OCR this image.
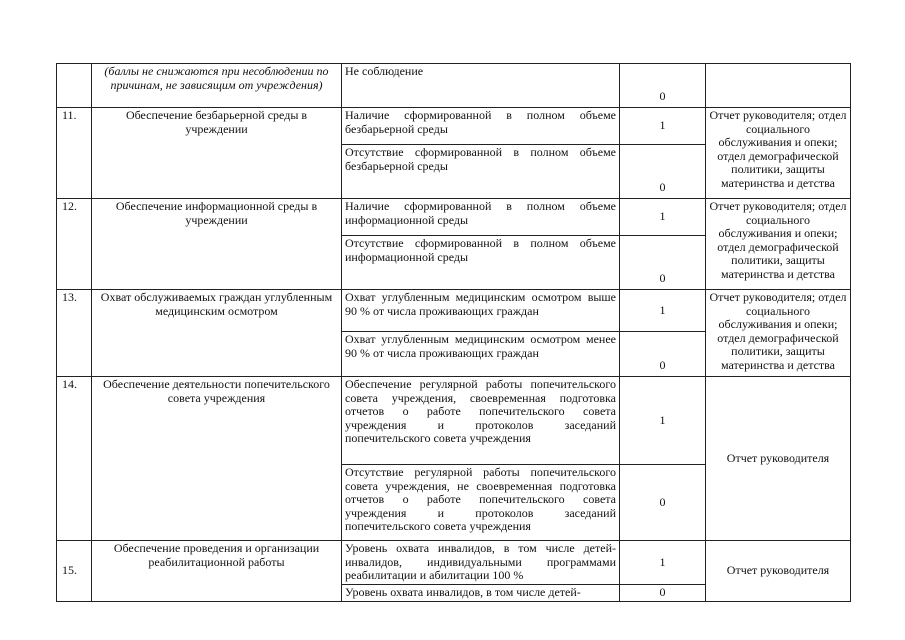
	(баллы не снижаются при несоблюдении по причинам, не зависящим от учреждения)	Не соблюдение	0	
11.	Обеспечение безбарьерной среды в учреждении	Наличие сформированной в полном объеме безбарьерной среды	1	Отчет руководителя; отдел социального обслуживания и опеки; отдел демографической политики, защиты материнства и детства
		Отсутствие сформированной в полном объеме безбарьерной среды	0	
12.	Обеспечение информационной среды в учреждении	Наличие сформированной в полном объеме информационной среды	1	Отчет руководителя; отдел социального обслуживания и опеки; отдел демографической политики, защиты материнства и детства
		Отсутствие сформированной в полном объеме информационной среды	0	
13.	Охват обслуживаемых граждан углубленным медицинским осмотром	Охват углубленным медицинским осмотром выше 90 % от числа проживающих граждан	1	Отчет руководителя; отдел социального обслуживания и опеки; отдел демографической политики, защиты материнства и детства
		Охват углубленным медицинским осмотром менее 90 % от числа проживающих граждан	0	
14.	Обеспечение деятельности попечительского совета учреждения	Обеспечение регулярной работы попечительского совета учреждения, своевременная подготовка отчетов о работе попечительского совета учреждения и протоколов заседаний попечительского совета учреждения	1	Отчет руководителя
		Отсутствие регулярной работы попечительского совета учреждения, не своевременная подготовка отчетов о работе попечительского совета учреждения и протоколов заседаний попечительского совета учреждения	0	
15.	Обеспечение проведения и организации реабилитационной работы	Уровень охвата инвалидов, в том числе детей-инвалидов, индивидуальными программами реабилитации и абилитации 100 %	1	Отчет руководителя
		Уровень охвата инвалидов, в том числе детей-	0	
